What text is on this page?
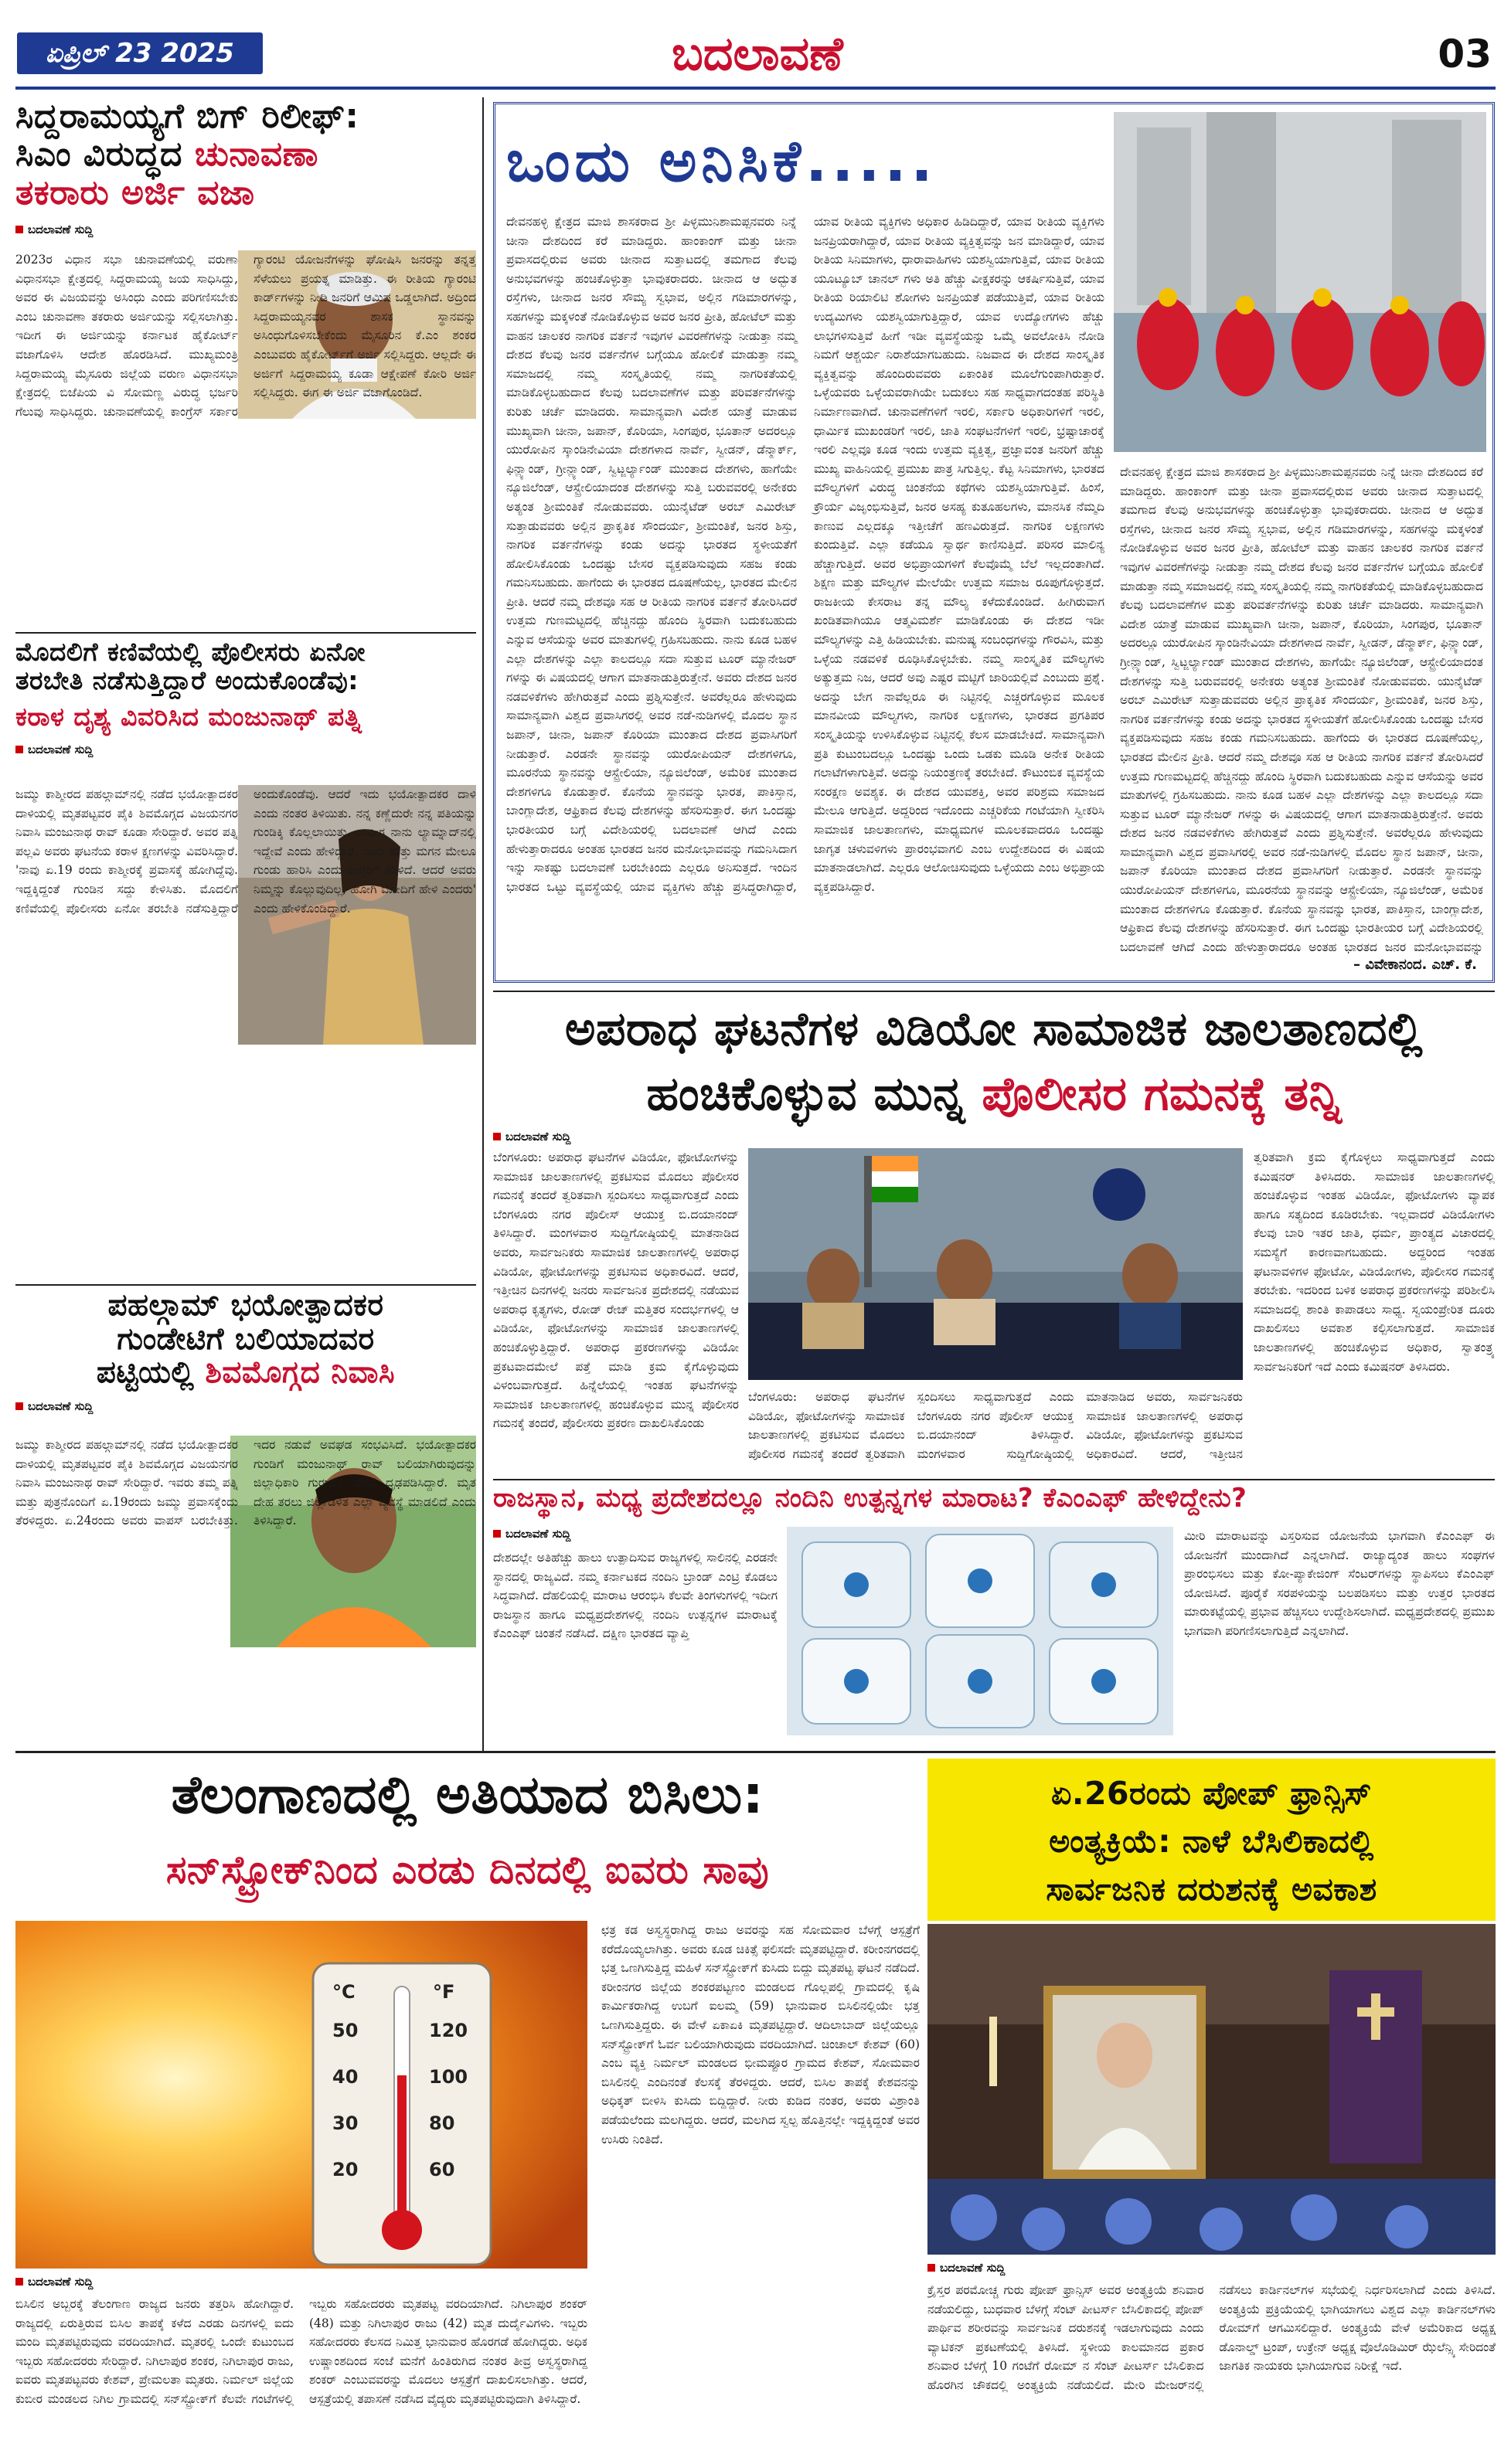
ಏಪ್ರಿಲ್ 23 2025	ಬದಲಾವಣೆ	03
ಸಿದ್ದರಾಮಯ್ಯಗೆ ಬಿಗ್ ರಿಲೀಫ್:
ಸಿಎಂ ವಿರುದ್ಧದ ಚುನಾವಣಾ
ತಕರಾರು ಅರ್ಜಿ ವಜಾ
ಬದಲಾವಣೆ ಸುದ್ದಿ
2023ರ ವಿಧಾನ ಸಭಾ ಚುನಾವಣೆಯಲ್ಲಿ ವರುಣಾ ವಿಧಾನಸಭಾ ಕ್ಷೇತ್ರದಲ್ಲಿ ಸಿದ್ದರಾಮಯ್ಯ ಜಯ ಸಾಧಿಸಿದ್ದು, ಅವರ ಈ ವಿಜಯವನ್ನು ಅಸಿಂಧು ಎಂದು ಪರಿಗಣಿಸಬೇಕು ಎಂಬ ಚುನಾವಣಾ ತಕರಾರು ಅರ್ಜಿಯನ್ನು ಸಲ್ಲಿಸಲಾಗಿತ್ತು. ಇದೀಗ ಈ ಅರ್ಜಿಯನ್ನು ಕರ್ನಾಟಕ ಹೈಕೋರ್ಟ್ ವಜಾಗೊಳಿಸಿ ಆದೇಶ ಹೊರಡಿಸಿದೆ. ಮುಖ್ಯಮಂತ್ರಿ ಸಿದ್ದರಾಮಯ್ಯ ಮೈಸೂರು ಜಿಲ್ಲೆಯ ವರುಣ ವಿಧಾನಸಭಾ ಕ್ಷೇತ್ರದಲ್ಲಿ ಬಿಜೆಪಿಯ ವಿ ಸೋಮಣ್ಣ ವಿರುದ್ಧ ಭರ್ಜರಿ ಗೆಲುವು ಸಾಧಿಸಿದ್ದರು. ಚುನಾವಣೆಯಲ್ಲಿ ಕಾಂಗ್ರೆಸ್ ಸರ್ಕಾರ ಗ್ಯಾರಂಟಿ ಯೋಜನೆಗಳನ್ನು ಘೋಷಿಸಿ ಜನರನ್ನು ತನ್ನತ್ತ ಸೆಳೆಯಲು ಪ್ರಯತ್ನ ಮಾಡಿತ್ತು. ಈ ರೀತಿಯ ಗ್ಯಾರಂಟಿ ಕಾರ್ಡ್‌ಗಳನ್ನು ನೀಡಿ ಜನರಿಗೆ ಆಮಿಷ ಒಡ್ಡಲಾಗಿದೆ. ಅದ್ರಿಂದ ಸಿದ್ದರಾಮಯ್ಯನವರ ಶಾಸಕ ಸ್ಥಾನವನ್ನು ಅಸಿಂಧುಗೊಳಿಸಬೇಕೆಂದು ಮೈಸೂರಿನ ಕೆ.ಎಂ ಶಂಕರ ಎಂಬುವರು ಹೈಕೋರ್ಟ್‌ಗೆ ಅರ್ಜಿ ಸಲ್ಲಿಸಿದ್ದರು. ಆಲ್ಲದೇ ಈ ಅರ್ಜಿಗೆ ಸಿದ್ದರಾಮಯ್ಯ ಕೂಡಾ ಆಕ್ಷೇಪಣೆ ಕೋರಿ ಅರ್ಜಿ ಸಲ್ಲಿಸಿದ್ದರು. ಈಗ ಈ ಅರ್ಜಿ ವಜಾಗೊಂಡಿದೆ.
ಮೊದಲಿಗೆ ಕಣಿವೆಯಲ್ಲಿ ಪೊಲೀಸರು ಏನೋ
ತರಬೇತಿ ನಡೆಸುತ್ತಿದ್ದಾರೆ ಅಂದುಕೊಂಡೆವು:
ಕರಾಳ ದೃಶ್ಯ ವಿವರಿಸಿದ ಮಂಜುನಾಥ್ ಪತ್ನಿ
ಬದಲಾವಣೆ ಸುದ್ದಿ
ಜಮ್ಮು ಕಾಶ್ಮೀರದ ಪಹಲ್ಗಾಮ್‌ನಲ್ಲಿ ನಡೆದ ಭಯೋತ್ಪಾದಕರ ದಾಳಿಯಲ್ಲಿ ಮೃತಪಟ್ಟವರ ಪೈಕಿ ಶಿವಮೊಗ್ಗದ ವಿಜಯನಗರ ನಿವಾಸಿ ಮಂಜುನಾಥ ರಾವ್ ಕೂಡಾ ಸೇರಿದ್ದಾರೆ. ಅವರ ಪತ್ನಿ ಪಲ್ಲವಿ ಅವರು ಘಟನೆಯ ಕರಾಳ ಕ್ಷಣಗಳನ್ನು ವಿವರಿಸಿದ್ದಾರೆ. 'ನಾವು ಏ.19 ರಂದು ಕಾಶ್ಮೀರಕ್ಕೆ ಪ್ರವಾಸಕ್ಕೆ ಹೋಗಿದ್ದೆವು. ಇದ್ದಕ್ಕಿದ್ದಂತೆ ಗುಂಡಿನ ಸದ್ದು ಕೇಳಿಸಿತು. ಮೊದಲಿಗೆ ಕಣಿವೆಯಲ್ಲಿ ಪೊಲೀಸರು ಏನೋ ತರಬೇತಿ ನಡೆಸುತ್ತಿದ್ದಾರೆ ಅಂದುಕೊಂಡೆವು. ಆದರೆ ಇದು ಭಯೋತ್ಪಾದಕರ ದಾಳಿ ಎಂದು ನಂತರ ತಿಳಿಯಿತು. ನನ್ನ ಕಣ್ಣೆದುರೇ ನನ್ನ ಪತಿಯನ್ನು ಗುಂಡಿಕ್ಕಿ ಕೊಲ್ಲಲಾಯಿತು. ನಾವೀಗ ನಾನು ಲ್ಯಾಮ್ನಾದ್‌ನಲ್ಲಿ ಇದ್ದೇವೆ ಎಂದು ಹೇಳಿದ್ದಾರೆ. ನಾನು ಮತ್ತು ಮಗನ ಮೇಲೂ ಗುಂಡು ಹಾರಿಸಿ ಎಂದು ಉಗ್ರರಿಗೆ ಹೇಳಿದೆ. ಆದರೆ ಅವರು ನಿಮ್ಮನ್ನು ಕೊಲ್ಲುವುದಿಲ್ಲ, ಹೋಗಿ ಮೋದಿಗೆ ಹೇಳಿ ಎಂದರು' ಎಂದು ಹೇಳಿಕೊಂಡಿದ್ದಾರೆ.
ಪಹಲ್ಗಾಮ್ ಭಯೋತ್ಪಾದಕರ
ಗುಂಡೇಟಿಗೆ ಬಲಿಯಾದವರ
ಪಟ್ಟಿಯಲ್ಲಿ ಶಿವಮೊಗ್ಗದ ನಿವಾಸಿ
ಬದಲಾವಣೆ ಸುದ್ದಿ
ಜಮ್ಮು ಕಾಶ್ಮೀರದ ಪಹಲ್ಗಾಮ್‌ನಲ್ಲಿ ನಡೆದ ಭಯೋತ್ಪಾದಕರ ದಾಳಿಯಲ್ಲಿ ಮೃತಪಟ್ಟವರ ಪೈಕಿ ಶಿವಮೊಗ್ಗದ ವಿಜಯನಗರ ನಿವಾಸಿ ಮಂಜುನಾಥ ರಾವ್ ಸೇರಿದ್ದಾರೆ. ಇವರು ತಮ್ಮ ಪತ್ನಿ ಮತ್ತು ಪುತ್ರನೊಂದಿಗೆ ಏ.19ರಂದು ಜಮ್ಮು ಪ್ರವಾಸಕ್ಕೆಂದು ತೆರಳಿದ್ದರು. ಏ.24ರಂದು ಅವರು ವಾಪಸ್ ಬರಬೇಕಿತ್ತು. ಇದರ ನಡುವೆ ಅವಘಡ ಸಂಭವಿಸಿದೆ. ಭಯೋತ್ಪಾದಕರ ಗುಂಡಿಗೆ ಮಂಜುನಾಥ್ ರಾವ್ ಬಲಿಯಾಗಿರುವುದನ್ನು ಜಿಲ್ಲಾಧಿಕಾರಿ ಗುರುದತ್ತ ಹೆಗಡೆ ದೃಢಪಡಿಸಿದ್ದಾರೆ. ಮೃತ ದೇಹ ತರಲು ಜಿಲ್ಲಾಡಳಿತ ಎಲ್ಲಾ ವ್ಯವಸ್ಥೆ ಮಾಡಲಿದೆ ಎಂದು ತಿಳಿಸಿದ್ದಾರೆ.
ಒಂದು ಅನಿಸಿಕೆ.....
ದೇವನಹಳ್ಳಿ ಕ್ಷೇತ್ರದ ಮಾಜಿ ಶಾಸಕರಾದ ಶ್ರೀ ಪಿಳ್ಳಮುನಿಶಾಮಪ್ಪನವರು ನಿನ್ನೆ ಚೀನಾ ದೇಶದಿಂದ ಕರೆ ಮಾಡಿದ್ದರು. ಹಾಂಕಾಂಗ್ ಮತ್ತು ಚೀನಾ ಪ್ರವಾಸದಲ್ಲಿರುವ ಅವರು ಚೀನಾದ ಸುತ್ತಾಟದಲ್ಲಿ ತಮಗಾದ ಕೆಲವು ಅನುಭವಗಳನ್ನು ಹಂಚಿಕೊಳ್ಳುತ್ತಾ ಭಾವುಕರಾದರು. ಚೀನಾದ ಆ ಅದ್ಭುತ ರಸ್ತೆಗಳು, ಚೀನಾದ ಜನರ ಸೌಮ್ಯ ಸ್ವಭಾವ, ಅಲ್ಲಿನ ಗಡಿಮಾರಗಳನ್ನು, ಸಹಗಳನ್ನು ಮಕ್ಕಳಂತೆ ನೋಡಿಕೊಳ್ಳುವ ಅವರ ಜನರ ಪ್ರೀತಿ, ಹೋಟೆಲ್ ಮತ್ತು ವಾಹನ ಚಾಲಕರ ನಾಗರಿಕ ವರ್ತನೆ ಇವುಗಳ ವಿವರಣೆಗಳನ್ನು ನೀಡುತ್ತಾ ನಮ್ಮ ದೇಶದ ಕೆಲವು ಜನರ ವರ್ತನೆಗಳ ಬಗ್ಗೆಯೂ ಹೋಲಿಕೆ ಮಾಡುತ್ತಾ ನಮ್ಮ ಸಮಾಜದಲ್ಲಿ ನಮ್ಮ ಸಂಸ್ಕೃತಿಯಲ್ಲಿ ನಮ್ಮ ನಾಗರಿಕತೆಯಲ್ಲಿ ಮಾಡಿಕೊಳ್ಳಬಹುದಾದ ಕೆಲವು ಬದಲಾವಣೆಗಳ ಮತ್ತು ಪರಿವರ್ತನೆಗಳನ್ನು ಕುರಿತು ಚರ್ಚೆ ಮಾಡಿದರು. ಸಾಮಾನ್ಯವಾಗಿ ವಿದೇಶ ಯಾತ್ರೆ ಮಾಡುವ ಮುಖ್ಯವಾಗಿ ಚೀನಾ, ಜಪಾನ್, ಕೊರಿಯಾ, ಸಿಂಗಪುರ, ಭೂತಾನ್ ಅದರಲ್ಲೂ ಯುರೋಪಿನ ಸ್ಕಾಂಡಿನೇವಿಯಾ ದೇಶಗಳಾದ ನಾರ್ವೆ, ಸ್ವೀಡನ್, ಡೆನ್ಮಾರ್ಕ್, ಫಿನ್ಲ್ಯಾಂಡ್, ಗ್ರೀನ್ಲ್ಯಾಂಡ್, ಸ್ವಿಟ್ಜರ್ಲ್ಯಾಂಡ್ ಮುಂತಾದ ದೇಶಗಳು, ಹಾಗೆಯೇ ನ್ಯೂಜಿಲೆಂಡ್, ಆಸ್ಟ್ರೇಲಿಯಾದಂತ ದೇಶಗಳನ್ನು ಸುತ್ತಿ ಬರುವವರಲ್ಲಿ ಅನೇಕರು ಅತ್ಯಂತ ಶ್ರೀಮಂತಿಕೆ ನೋಡುವವರು. ಯುನೈಟೆಡ್ ಅರಬ್ ಎಮಿರೇಟ್ ಸುತ್ತಾಡುವವರು ಅಲ್ಲಿನ ಪ್ರಾಕೃತಿಕ ಸೌಂದರ್ಯ, ಶ್ರೀಮಂತಿಕೆ, ಜನರ ಶಿಸ್ತು, ನಾಗರಿಕ ವರ್ತನೆಗಳನ್ನು ಕಂಡು ಅದನ್ನು ಭಾರತದ ಸ್ಥಳೀಯತೆಗೆ ಹೋಲಿಸಿಕೊಂಡು ಒಂದಷ್ಟು ಬೇಸರ ವ್ಯಕ್ತಪಡಿಸುವುದು ಸಹಜ ಕಂಡು ಗಮನಿಸಬಹುದು. ಹಾಗೆಂದು ಈ ಭಾರತದ ದೂಷಣೆಯಲ್ಲ, ಭಾರತದ ಮೇಲಿನ ಪ್ರೀತಿ. ಆದರೆ ನಮ್ಮ ದೇಶವೂ ಸಹ ಆ ರೀತಿಯ ನಾಗರಿಕ ವರ್ತನೆ ತೋರಿಸಿದರೆ ಉತ್ತಮ ಗುಣಮಟ್ಟದಲ್ಲಿ ಹೆಚ್ಚಿನದ್ದು ಹೊಂದಿ ಸ್ಥಿರವಾಗಿ ಬದುಕಬಹುದು ಎನ್ನುವ ಆಸೆಯನ್ನು ಅವರ ಮಾತುಗಳಲ್ಲಿ ಗ್ರಹಿಸಬಹುದು. ನಾನು ಕೂಡ ಬಹಳ ಎಲ್ಲಾ ದೇಶಗಳನ್ನು ಎಲ್ಲಾ ಕಾಲದಲ್ಲೂ ಸದಾ ಸುತ್ತುವ ಟೂರ್ ಮ್ಯಾನೇಜರ್ ಗಳನ್ನು ಈ ವಿಷಯದಲ್ಲಿ ಆಗಾಗ ಮಾತನಾಡುತ್ತಿರುತ್ತೇನೆ. ಅವರು ದೇಶದ ಜನರ ನಡವಳಿಕೆಗಳು ಹೇಗಿರುತ್ತವೆ ಎಂದು ಪ್ರಶ್ನಿಸುತ್ತೇನೆ. ಅವರೆಲ್ಲರೂ ಹೇಳುವುದು ಸಾಮಾನ್ಯವಾಗಿ ವಿಶ್ವದ ಪ್ರವಾಸಿಗರಲ್ಲಿ ಅವರ ನಡೆ-ನುಡಿಗಳಲ್ಲಿ ಮೊದಲ ಸ್ಥಾನ ಜಪಾನ್, ಚೀನಾ, ಜಪಾನ್ ಕೊರಿಯಾ ಮುಂತಾದ ದೇಶದ ಪ್ರವಾಸಿಗರಿಗೆ ನೀಡುತ್ತಾರೆ. ಎರಡನೇ ಸ್ಥಾನವನ್ನು ಯುರೋಪಿಯನ್ ದೇಶಗಳಿಗೂ, ಮೂರನೆಯ ಸ್ಥಾನವನ್ನು ಆಸ್ಟ್ರೇಲಿಯಾ, ನ್ಯೂಜಿಲೆಂಡ್, ಅಮೆರಿಕ ಮುಂತಾದ ದೇಶಗಳಿಗೂ ಕೊಡುತ್ತಾರೆ. ಕೊನೆಯ ಸ್ಥಾನವನ್ನು ಭಾರತ, ಪಾಕಿಸ್ತಾನ, ಬಾಂಗ್ಲಾದೇಶ, ಆಫ್ರಿಕಾದ ಕೆಲವು ದೇಶಗಳನ್ನು ಹೆಸರಿಸುತ್ತಾರೆ. ಈಗ ಒಂದಷ್ಟು ಭಾರತೀಯರ ಬಗ್ಗೆ ವಿದೇಶಿಯರಲ್ಲಿ ಬದಲಾವಣೆ ಆಗಿದೆ ಎಂದು ಹೇಳುತ್ತಾರಾದರೂ ಅಂತಹ ಭಾರತದ ಜನರ ಮನೋಭಾವವನ್ನು ಗಮನಿಸಿದಾಗ ಇನ್ನು ಸಾಕಷ್ಟು ಬದಲಾವಣೆ ಬರಬೇಕಿಂದು ಎಲ್ಲರೂ ಅನಿಸುತ್ತದೆ. ಇಂದಿನ ಭಾರತದ ಒಟ್ಟು ವ್ಯವಸ್ಥೆಯಲ್ಲಿ ಯಾವ ವ್ಯಕ್ತಿಗಳು ಹೆಚ್ಚು ಪ್ರಸಿದ್ಧರಾಗಿದ್ದಾರೆ, ಯಾವ ರೀತಿಯ ವ್ಯಕ್ತಿಗಳು ಅಧಿಕಾರ ಹಿಡಿದಿದ್ದಾರೆ, ಯಾವ ರೀತಿಯ ವ್ಯಕ್ತಿಗಳು ಜನಪ್ರಿಯರಾಗಿದ್ದಾರೆ, ಯಾವ ರೀತಿಯ ವ್ಯಕ್ತಿತ್ವವನ್ನು ಜನ ಮಾಡಿದ್ದಾರೆ, ಯಾವ ರೀತಿಯ ಸಿನಿಮಾಗಳು, ಧಾರಾವಾಹಿಗಳು ಯಶಸ್ವಿಯಾಗುತ್ತಿವೆ, ಯಾವ ರೀತಿಯ ಯೂಟ್ಯೂಬ್ ಚಾನಲ್ ಗಳು ಅತಿ ಹೆಚ್ಚು ವೀಕ್ಷಕರನ್ನು ಆಕರ್ಷಿಸುತ್ತಿವೆ, ಯಾವ ರೀತಿಯ ರಿಯಾಲಿಟಿ ಶೋಗಳು ಜನಪ್ರಿಯತೆ ಪಡೆಯುತ್ತಿವೆ, ಯಾವ ರೀತಿಯ ಉದ್ಯಮಿಗಳು ಯಶಸ್ವಿಯಾಗುತ್ತಿದ್ದಾರೆ, ಯಾವ ಉದ್ಯೋಗಗಳು ಹೆಚ್ಚು ಲಾಭಗಳಿಸುತ್ತಿವೆ ಹೀಗೆ ಇಡೀ ವ್ಯವಸ್ಥೆಯನ್ನು ಒಮ್ಮೆ ಅವಲೋಕಿಸಿ ನೋಡಿ ನಿಮಗೆ ಆಶ್ಚರ್ಯ ನಿರಾಶೆಯಾಗಬಹುದು. ನಿಜವಾದ ಈ ದೇಶದ ಸಾಂಸ್ಕೃತಿಕ ವ್ಯಕ್ತಿತ್ವವನ್ನು ಹೊಂದಿರುವವರು ಏಕಾಂತಿಕ ಮೂಲೆಗುಂಪಾಗಿರುತ್ತಾರೆ. ಒಳ್ಳೆಯವರು ಒಳ್ಳೆಯವರಾಗಿಯೇ ಬದುಕಲು ಸಹ ಸಾಧ್ಯವಾಗದಂತಹ ಪರಿಸ್ಥಿತಿ ನಿರ್ಮಾಣವಾಗಿದೆ. ಚುನಾವಣೆಗಳಿಗೆ ಇರಲಿ, ಸರ್ಕಾರಿ ಅಧಿಕಾರಿಗಳಿಗೆ ಇರಲಿ, ಧಾರ್ಮಿಕ ಮುಖಂಡರಿಗೆ ಇರಲಿ, ಜಾತಿ ಸಂಘಟನೆಗಳಿಗೆ ಇರಲಿ, ಭ್ರಷ್ಟಾಚಾರಕ್ಕೆ ಇರಲಿ ಎಲ್ಲವೂ ಕೂಡ ಇಂದು ಉತ್ತಮ ವ್ಯಕ್ತಿತ್ವ, ಪ್ರಜ್ಞಾವಂತ ಜನರಿಗೆ ಹೆಚ್ಚು ಮುಖ್ಯ ವಾಹಿನಿಯಲ್ಲಿ ಪ್ರಮುಖ ಪಾತ್ರ ಸಿಗುತ್ತಿಲ್ಲ. ಕೆಟ್ಟ ಸಿನಿಮಾಗಳು, ಭಾರತದ ಮೌಲ್ಯಗಳಿಗೆ ವಿರುದ್ಧ ಚಿಂತನೆಯ ಕಥೆಗಳು ಯಶಸ್ವಿಯಾಗುತ್ತಿವೆ. ಹಿಂಸೆ, ಕ್ರೌರ್ಯ ವಿಜೃಂಭಿಸುತ್ತಿವೆ, ಜನರ ಅಸಹ್ಯ ಕುತೂಹಲಗಳು, ಮಾನಸಿಕ ನೆಮ್ಮದಿ ಕಾಣುವ ಎಲ್ಲದಕ್ಕೂ ಇತ್ತೀಚೆಗೆ ಹಣವಿರುತ್ತದೆ. ನಾಗರಿಕ ಲಕ್ಷಣಗಳು ಕುಂದುತ್ತಿವೆ. ಎಲ್ಲಾ ಕಡೆಯೂ ಸ್ವಾರ್ಥ ಕಾಣಿಸುತ್ತಿದೆ. ಪರಿಸರ ಮಾಲಿನ್ಯ ಹೆಚ್ಚಾಗುತ್ತಿದೆ. ಅವರ ಅಭಿಪ್ರಾಯಗಳಿಗೆ ಕೆಲವೊಮ್ಮೆ ಬೆಲೆ ಇಲ್ಲದಂತಾಗಿದೆ. ಶಿಕ್ಷಣ ಮತ್ತು ಮೌಲ್ಯಗಳ ಮೇಲೆಯೇ ಉತ್ತಮ ಸಮಾಜ ರೂಪುಗೊಳ್ಳುತ್ತದೆ. ರಾಜಕೀಯ ಕೇಸರಾಟ ತನ್ನ ಮೌಲ್ಯ ಕಳೆದುಕೊಂಡಿದೆ. ಹೀಗಿರುವಾಗ ಖಂಡಿತವಾಗಿಯೂ ಆತ್ಮವಿಮರ್ಶೆ ಮಾಡಿಕೊಂಡು ಈ ದೇಶದ ಇಡೀ ಮೌಲ್ಯಗಳನ್ನು ಎತ್ತಿ ಹಿಡಿಯಬೇಕು. ಮನುಷ್ಯ ಸಂಬಂಧಗಳನ್ನು ಗೌರವಿಸಿ, ಮತ್ತು ಒಳ್ಳೆಯ ನಡವಳಿಕೆ ರೂಢಿಸಿಕೊಳ್ಳಬೇಕು. ನಮ್ಮ ಸಾಂಸ್ಕೃತಿಕ ಮೌಲ್ಯಗಳು ಅತ್ಯುತ್ತಮ ನಿಜ, ಆದರೆ ಅವು ಎಷ್ಟರ ಮಟ್ಟಿಗೆ ಜಾರಿಯಲ್ಲಿವೆ ಎಂಬುದು ಪ್ರಶ್ನೆ. ಅದನ್ನು ಬೇಗ ನಾವೆಲ್ಲರೂ ಈ ನಿಟ್ಟಿನಲ್ಲಿ ಎಚ್ಚರಗೊಳ್ಳುವ ಮೂಲಕ ಮಾನವೀಯ ಮೌಲ್ಯಗಳು, ನಾಗರಿಕ ಲಕ್ಷಣಗಳು, ಭಾರತದ ಪ್ರಗತಿಪರ ಸಂಸ್ಕೃತಿಯನ್ನು ಉಳಿಸಿಕೊಳ್ಳುವ ನಿಟ್ಟಿನಲ್ಲಿ ಕೆಲಸ ಮಾಡಬೇಕಿದೆ. ಸಾಮಾನ್ಯವಾಗಿ ಪ್ರತಿ ಕುಟುಂಬದಲ್ಲೂ ಒಂದಷ್ಟು ಒಂದು ಒಡಕು ಮೂಡಿ ಅನೇಕ ರೀತಿಯ ಗಲಾಟೆಗಳಾಗುತ್ತಿವೆ. ಅದನ್ನು ನಿಯಂತ್ರಣಕ್ಕೆ ತರಬೇಕಿದೆ. ಕೌಟುಂಬಿಕ ವ್ಯವಸ್ಥೆಯ ಸಂರಕ್ಷಣ ಅವಶ್ಯಕ. ಈ ದೇಶದ ಯುವಶಕ್ತಿ, ಅವರ ಪರಿಶ್ರಮ ಸಮಾಜದ ಮೇಲೂ ಆಗುತ್ತಿದೆ. ಅದ್ದರಿಂದ ಇದೊಂದು ಎಚ್ಚರಿಕೆಯ ಗಂಟೆಯಾಗಿ ಸ್ವೀಕರಿಸಿ ಸಾಮಾಜಿಕ ಜಾಲತಾಣಗಳು, ಮಾಧ್ಯಮಗಳ ಮೂಲಕವಾದರೂ ಒಂದಷ್ಟು ಜಾಗೃತ ಚಳುವಳಿಗಳು ಪ್ರಾರಂಭವಾಗಲಿ ಎಂಬ ಉದ್ದೇಶದಿಂದ ಈ ವಿಷಯ ಮಾತನಾಡಲಾಗಿದೆ. ಎಲ್ಲರೂ ಆಲೋಚಿಸುವುದು ಒಳ್ಳೆಯದು ಎಂಬ ಅಭಿಪ್ರಾಯ ವ್ಯಕ್ತಪಡಿಸಿದ್ದಾರೆ.
ದೇವನಹಳ್ಳಿ ಕ್ಷೇತ್ರದ ಮಾಜಿ ಶಾಸಕರಾದ ಶ್ರೀ ಪಿಳ್ಳಮುನಿಶಾಮಪ್ಪನವರು ನಿನ್ನೆ ಚೀನಾ ದೇಶದಿಂದ ಕರೆ ಮಾಡಿದ್ದರು. ಹಾಂಕಾಂಗ್ ಮತ್ತು ಚೀನಾ ಪ್ರವಾಸದಲ್ಲಿರುವ ಅವರು ಚೀನಾದ ಸುತ್ತಾಟದಲ್ಲಿ ತಮಗಾದ ಕೆಲವು ಅನುಭವಗಳನ್ನು ಹಂಚಿಕೊಳ್ಳುತ್ತಾ ಭಾವುಕರಾದರು. ಚೀನಾದ ಆ ಅದ್ಭುತ ರಸ್ತೆಗಳು, ಚೀನಾದ ಜನರ ಸೌಮ್ಯ ಸ್ವಭಾವ, ಅಲ್ಲಿನ ಗಡಿಮಾರಗಳನ್ನು, ಸಹಗಳನ್ನು ಮಕ್ಕಳಂತೆ ನೋಡಿಕೊಳ್ಳುವ ಅವರ ಜನರ ಪ್ರೀತಿ, ಹೋಟೆಲ್ ಮತ್ತು ವಾಹನ ಚಾಲಕರ ನಾಗರಿಕ ವರ್ತನೆ ಇವುಗಳ ವಿವರಣೆಗಳನ್ನು ನೀಡುತ್ತಾ ನಮ್ಮ ದೇಶದ ಕೆಲವು ಜನರ ವರ್ತನೆಗಳ ಬಗ್ಗೆಯೂ ಹೋಲಿಕೆ ಮಾಡುತ್ತಾ ನಮ್ಮ ಸಮಾಜದಲ್ಲಿ ನಮ್ಮ ಸಂಸ್ಕೃತಿಯಲ್ಲಿ ನಮ್ಮ ನಾಗರಿಕತೆಯಲ್ಲಿ ಮಾಡಿಕೊಳ್ಳಬಹುದಾದ ಕೆಲವು ಬದಲಾವಣೆಗಳ ಮತ್ತು ಪರಿವರ್ತನೆಗಳನ್ನು ಕುರಿತು ಚರ್ಚೆ ಮಾಡಿದರು. ಸಾಮಾನ್ಯವಾಗಿ ವಿದೇಶ ಯಾತ್ರೆ ಮಾಡುವ ಮುಖ್ಯವಾಗಿ ಚೀನಾ, ಜಪಾನ್, ಕೊರಿಯಾ, ಸಿಂಗಪುರ, ಭೂತಾನ್ ಅದರಲ್ಲೂ ಯುರೋಪಿನ ಸ್ಕಾಂಡಿನೇವಿಯಾ ದೇಶಗಳಾದ ನಾರ್ವೆ, ಸ್ವೀಡನ್, ಡೆನ್ಮಾರ್ಕ್, ಫಿನ್ಲ್ಯಾಂಡ್, ಗ್ರೀನ್ಲ್ಯಾಂಡ್, ಸ್ವಿಟ್ಜರ್ಲ್ಯಾಂಡ್ ಮುಂತಾದ ದೇಶಗಳು, ಹಾಗೆಯೇ ನ್ಯೂಜಿಲೆಂಡ್, ಆಸ್ಟ್ರೇಲಿಯಾದಂತ ದೇಶಗಳನ್ನು ಸುತ್ತಿ ಬರುವವರಲ್ಲಿ ಅನೇಕರು ಅತ್ಯಂತ ಶ್ರೀಮಂತಿಕೆ ನೋಡುವವರು. ಯುನೈಟೆಡ್ ಅರಬ್ ಎಮಿರೇಟ್ ಸುತ್ತಾಡುವವರು ಅಲ್ಲಿನ ಪ್ರಾಕೃತಿಕ ಸೌಂದರ್ಯ, ಶ್ರೀಮಂತಿಕೆ, ಜನರ ಶಿಸ್ತು, ನಾಗರಿಕ ವರ್ತನೆಗಳನ್ನು ಕಂಡು ಅದನ್ನು ಭಾರತದ ಸ್ಥಳೀಯತೆಗೆ ಹೋಲಿಸಿಕೊಂಡು ಒಂದಷ್ಟು ಬೇಸರ ವ್ಯಕ್ತಪಡಿಸುವುದು ಸಹಜ ಕಂಡು ಗಮನಿಸಬಹುದು. ಹಾಗೆಂದು ಈ ಭಾರತದ ದೂಷಣೆಯಲ್ಲ, ಭಾರತದ ಮೇಲಿನ ಪ್ರೀತಿ. ಆದರೆ ನಮ್ಮ ದೇಶವೂ ಸಹ ಆ ರೀತಿಯ ನಾಗರಿಕ ವರ್ತನೆ ತೋರಿಸಿದರೆ ಉತ್ತಮ ಗುಣಮಟ್ಟದಲ್ಲಿ ಹೆಚ್ಚಿನದ್ದು ಹೊಂದಿ ಸ್ಥಿರವಾಗಿ ಬದುಕಬಹುದು ಎನ್ನುವ ಆಸೆಯನ್ನು ಅವರ ಮಾತುಗಳಲ್ಲಿ ಗ್ರಹಿಸಬಹುದು. ನಾನು ಕೂಡ ಬಹಳ ಎಲ್ಲಾ ದೇಶಗಳನ್ನು ಎಲ್ಲಾ ಕಾಲದಲ್ಲೂ ಸದಾ ಸುತ್ತುವ ಟೂರ್ ಮ್ಯಾನೇಜರ್ ಗಳನ್ನು ಈ ವಿಷಯದಲ್ಲಿ ಆಗಾಗ ಮಾತನಾಡುತ್ತಿರುತ್ತೇನೆ. ಅವರು ದೇಶದ ಜನರ ನಡವಳಿಕೆಗಳು ಹೇಗಿರುತ್ತವೆ ಎಂದು ಪ್ರಶ್ನಿಸುತ್ತೇನೆ. ಅವರೆಲ್ಲರೂ ಹೇಳುವುದು ಸಾಮಾನ್ಯವಾಗಿ ವಿಶ್ವದ ಪ್ರವಾಸಿಗರಲ್ಲಿ ಅವರ ನಡೆ-ನುಡಿಗಳಲ್ಲಿ ಮೊದಲ ಸ್ಥಾನ ಜಪಾನ್, ಚೀನಾ, ಜಪಾನ್ ಕೊರಿಯಾ ಮುಂತಾದ ದೇಶದ ಪ್ರವಾಸಿಗರಿಗೆ ನೀಡುತ್ತಾರೆ. ಎರಡನೇ ಸ್ಥಾನವನ್ನು ಯುರೋಪಿಯನ್ ದೇಶಗಳಿಗೂ, ಮೂರನೆಯ ಸ್ಥಾನವನ್ನು ಆಸ್ಟ್ರೇಲಿಯಾ, ನ್ಯೂಜಿಲೆಂಡ್, ಅಮೆರಿಕ ಮುಂತಾದ ದೇಶಗಳಿಗೂ ಕೊಡುತ್ತಾರೆ. ಕೊನೆಯ ಸ್ಥಾನವನ್ನು ಭಾರತ, ಪಾಕಿಸ್ತಾನ, ಬಾಂಗ್ಲಾದೇಶ, ಆಫ್ರಿಕಾದ ಕೆಲವು ದೇಶಗಳನ್ನು ಹೆಸರಿಸುತ್ತಾರೆ. ಈಗ ಒಂದಷ್ಟು ಭಾರತೀಯರ ಬಗ್ಗೆ ವಿದೇಶಿಯರಲ್ಲಿ ಬದಲಾವಣೆ ಆಗಿದೆ ಎಂದು ಹೇಳುತ್ತಾರಾದರೂ ಅಂತಹ ಭಾರತದ ಜನರ ಮನೋಭಾವವನ್ನು
– ವಿವೇಕಾನಂದ. ಎಚ್. ಕೆ.
ಅಪರಾಧ ಘಟನೆಗಳ ವಿಡಿಯೋ ಸಾಮಾಜಿಕ ಜಾಲತಾಣದಲ್ಲಿ
ಹಂಚಿಕೊಳ್ಳುವ ಮುನ್ನ ಪೊಲೀಸರ ಗಮನಕ್ಕೆ ತನ್ನಿ
ಬದಲಾವಣೆ ಸುದ್ದಿ
ಬೆಂಗಳೂರು: ಅಪರಾಧ ಘಟನೆಗಳ ವಿಡಿಯೋ, ಫೋಟೋಗಳನ್ನು ಸಾಮಾಜಿಕ ಜಾಲತಾಣಗಳಲ್ಲಿ ಪ್ರಕಟಿಸುವ ಮೊದಲು ಪೊಲೀಸರ ಗಮನಕ್ಕೆ ತಂದರೆ ತ್ವರಿತವಾಗಿ ಸ್ಪಂದಿಸಲು ಸಾಧ್ಯವಾಗುತ್ತದೆ ಎಂದು ಬೆಂಗಳೂರು ನಗರ ಪೊಲೀಸ್ ಆಯುಕ್ತ ಬಿ.ದಯಾನಂದ್ ತಿಳಿಸಿದ್ದಾರೆ. ಮಂಗಳವಾರ ಸುದ್ದಿಗೋಷ್ಠಿಯಲ್ಲಿ ಮಾತನಾಡಿದ ಅವರು, ಸಾರ್ವಜನಿಕರು ಸಾಮಾಜಿಕ ಜಾಲತಾಣಗಳಲ್ಲಿ ಅಪರಾಧ ವಿಡಿಯೋ, ಫೋಟೋಗಳನ್ನು ಪ್ರಕಟಿಸುವ ಅಧಿಕಾರವಿದೆ. ಆದರೆ, ಇತ್ತೀಚಿನ ದಿನಗಳಲ್ಲಿ ಜನರು ಸಾರ್ವಜನಿಕ ಪ್ರದೇಶದಲ್ಲಿ ನಡೆಯುವ ಅಪರಾಧ ಕೃತ್ಯಗಳು, ರೋಡ್ ರೇಜ್ ಮತ್ತಿತರ ಸಂದರ್ಭಗಳಲ್ಲಿ ಆ ವಿಡಿಯೋ, ಫೋಟೋಗಳನ್ನು ಸಾಮಾಜಿಕ ಜಾಲತಾಣಗಳಲ್ಲಿ ಹಂಚಿಕೊಳ್ಳುತ್ತಿದ್ದಾರೆ. ಅಪರಾಧ ಪ್ರಕರಣಗಳನ್ನು ವಿಡಿಯೋ ಪ್ರಕಟವಾದಮೇಲೆ ಪತ್ತೆ ಮಾಡಿ ಕ್ರಮ ಕೈಗೊಳ್ಳುವುದು ವಿಳಂಬವಾಗುತ್ತದೆ. ಹಿನ್ನೆಲೆಯಲ್ಲಿ ಇಂತಹ ಘಟನೆಗಳನ್ನು ಸಾಮಾಜಿಕ ಜಾಲತಾಣಗಳಲ್ಲಿ ಹಂಚಿಕೊಳ್ಳುವ ಮುನ್ನ ಪೊಲೀಸರ ಗಮನಕ್ಕೆ ತಂದರೆ, ಪೊಲೀಸರು ಪ್ರಕರಣ ದಾಖಲಿಸಿಕೊಂಡು
ಬೆಂಗಳೂರು: ಅಪರಾಧ ಘಟನೆಗಳ ವಿಡಿಯೋ, ಫೋಟೋಗಳನ್ನು ಸಾಮಾಜಿಕ ಜಾಲತಾಣಗಳಲ್ಲಿ ಪ್ರಕಟಿಸುವ ಮೊದಲು ಪೊಲೀಸರ ಗಮನಕ್ಕೆ ತಂದರೆ ತ್ವರಿತವಾಗಿ ಸ್ಪಂದಿಸಲು ಸಾಧ್ಯವಾಗುತ್ತದೆ ಎಂದು ಬೆಂಗಳೂರು ನಗರ ಪೊಲೀಸ್ ಆಯುಕ್ತ ಬಿ.ದಯಾನಂದ್ ತಿಳಿಸಿದ್ದಾರೆ. ಮಂಗಳವಾರ ಸುದ್ದಿಗೋಷ್ಠಿಯಲ್ಲಿ ಮಾತನಾಡಿದ ಅವರು, ಸಾರ್ವಜನಿಕರು ಸಾಮಾಜಿಕ ಜಾಲತಾಣಗಳಲ್ಲಿ ಅಪರಾಧ ವಿಡಿಯೋ, ಫೋಟೋಗಳನ್ನು ಪ್ರಕಟಿಸುವ ಅಧಿಕಾರವಿದೆ. ಆದರೆ, ಇತ್ತೀಚಿನ
ತ್ವರಿತವಾಗಿ ಕ್ರಮ ಕೈಗೊಳ್ಳಲು ಸಾಧ್ಯವಾಗುತ್ತದೆ ಎಂದು ಕಮಿಷನರ್ ತಿಳಿಸಿದರು. ಸಾಮಾಜಿಕ ಜಾಲತಾಣಗಳಲ್ಲಿ ಹಂಚಿಕೊಳ್ಳುವ ಇಂತಹ ವಿಡಿಯೋ, ಫೋಟೋಗಳು ವ್ಯಾಪಕ ಹಾಗೂ ಸತ್ಯದಿಂದ ಕೂಡಿರಬೇಕು. ಇಲ್ಲವಾದರೆ ವಿಡಿಯೋಗಳು ಕೆಲವು ಬಾರಿ ಇತರ ಜಾತಿ, ಧರ್ಮ, ಪ್ರಾಂತ್ಯದ ವಿಚಾರದಲ್ಲಿ ಸಮಸ್ಯೆಗೆ ಕಾರಣವಾಗಬಹುದು. ಅದ್ದರಿಂದ ಇಂತಹ ಘಟನಾವಳಿಗಳ ಫೋಟೋ, ವಿಡಿಯೋಗಳು, ಪೊಲೀಸರ ಗಮನಕ್ಕೆ ತರಬೇಕು. ಇದರಿಂದ ಬಳಿಕ ಅಪರಾಧ ಪ್ರಕರಣಗಳನ್ನು ಪರಿಶೀಲಿಸಿ ಸಮಾಜದಲ್ಲಿ ಶಾಂತಿ ಕಾಪಾಡಲು ಸಾಧ್ಯ. ಸ್ವಯಂಪ್ರೇರಿತ ದೂರು ದಾಖಲಿಸಲು ಅವಕಾಶ ಕಲ್ಪಿಸಲಾಗುತ್ತದೆ. ಸಾಮಾಜಿಕ ಜಾಲತಾಣಗಳಲ್ಲಿ ಹಂಚಿಕೊಳ್ಳುವ ಅಧಿಕಾರ, ಸ್ವಾತಂತ್ರ್ಯ ಸಾರ್ವಜನಿಕರಿಗೆ ಇದೆ ಎಂದು ಕಮಿಷನರ್ ತಿಳಿಸಿದರು.
ರಾಜಸ್ಥಾನ, ಮಧ್ಯ ಪ್ರದೇಶದಲ್ಲೂ ನಂದಿನಿ ಉತ್ಪನ್ನಗಳ ಮಾರಾಟ? ಕೆಎಂಎಫ್ ಹೇಳಿದ್ದೇನು?
ಬದಲಾವಣೆ ಸುದ್ದಿ
ದೇಶದಲ್ಲೇ ಅತಿಹೆಚ್ಚು ಹಾಲು ಉತ್ಪಾದಿಸುವ ರಾಜ್ಯಗಳಲ್ಲಿ ಸಾಲಿನಲ್ಲಿ ಎರಡನೇ ಸ್ಥಾನದಲ್ಲಿ ರಾಜ್ಯವಿದೆ. ನಮ್ಮ ಕರ್ನಾಟಕದ ನಂದಿನಿ ಬ್ರಾಂಡ್ ಎಂಟ್ರಿ ಕೊಡಲು ಸಿದ್ಧವಾಗಿದೆ. ದೆಹಲಿಯಲ್ಲಿ ಮಾರಾಟ ಆರಂಭಿಸಿ ಕೆಲವೇ ತಿಂಗಳುಗಳಲ್ಲಿ ಇದೀಗ ರಾಜಸ್ಥಾನ ಹಾಗೂ ಮಧ್ಯಪ್ರದೇಶಗಳಲ್ಲಿ ನಂದಿನಿ ಉತ್ಪನ್ನಗಳ ಮಾರಾಟಕ್ಕೆ ಕೆಎಂಎಫ್ ಚಿಂತನೆ ನಡೆಸಿದೆ. ದಕ್ಷಿಣ ಭಾರತದ ವ್ಯಾಪ್ತಿ
ಮೀರಿ ಮಾರಾಟವನ್ನು ವಿಸ್ತರಿಸುವ ಯೋಜನೆಯ ಭಾಗವಾಗಿ ಕೆಎಂಎಫ್ ಈ ಯೋಜನೆಗೆ ಮುಂದಾಗಿದೆ ಎನ್ನಲಾಗಿದೆ. ರಾಜ್ಯಾದ್ಯಂತ ಹಾಲು ಸಂಘಗಳ ಪ್ರಾರಂಭಿಸಲು ಮತ್ತು ಕೋ-ಪ್ಯಾಕೇಜಿಂಗ್ ಸೆಂಟರ್‌ಗಳನ್ನು ಸ್ಥಾಪಿಸಲು ಕೆಎಂಎಫ್ ಯೋಜಿಸಿದೆ. ಪೂರೈಕೆ ಸರಪಳಿಯನ್ನು ಬಲಪಡಿಸಲು ಮತ್ತು ಉತ್ತರ ಭಾರತದ ಮಾರುಕಟ್ಟೆಯಲ್ಲಿ ಪ್ರಭಾವ ಹೆಚ್ಚಿಸಲು ಉದ್ದೇಶಿಸಲಾಗಿದೆ. ಮಧ್ಯಪ್ರದೇಶದಲ್ಲಿ ಪ್ರಮುಖ ಭಾಗವಾಗಿ ಪರಿಗಣಿಸಲಾಗುತ್ತಿದೆ ಎನ್ನಲಾಗಿದೆ.
ತೆಲಂಗಾಣದಲ್ಲಿ ಅತಿಯಾದ ಬಿಸಿಲು:
ಸನ್‌ಸ್ಟ್ರೋಕ್‌ನಿಂದ ಎರಡು ದಿನದಲ್ಲಿ ಐವರು ಸಾವು
°C	°F
50
40
30
20
120
100
80
60
ಛತ್ರ ಕಡ ಅಸ್ವಸ್ಥರಾಗಿದ್ದ ರಾಜು ಅವರನ್ನು ಸಹ ಸೋಮವಾರ ಬೆಳಗ್ಗೆ ಆಸ್ಪತ್ರೆಗೆ ಕರೆದೊಯ್ಯಲಾಗಿತ್ತು. ಅವರು ಕೂಡ ಚಿಕಿತ್ಸೆ ಫಲಿಸದೇ ಮೃತಪಟ್ಟಿದ್ದಾರೆ. ಕರೀಂನಗರದಲ್ಲಿ ಭತ್ತ ಒಣಗಿಸುತ್ತಿದ್ದ ಮಹಿಳೆ ಸನ್‌ಸ್ಟ್ರೋಕ್‌ಗೆ ಕುಸಿದು ಬಿದ್ದು ಮೃತಪಟ್ಟ ಘಟನೆ ನಡೆದಿದೆ. ಕರೀಂನಗರ ಜಿಲ್ಲೆಯ ಶಂಕರಪಟ್ಟಣಂ ಮಂಡಲದ ಗೊಲ್ಲಪಲ್ಲಿ ಗ್ರಾಮದಲ್ಲಿ ಕೃಷಿ ಕಾರ್ಮಿಕರಾಗಿದ್ದ ಉಬಗೆ ಐಲಮ್ಮ (59) ಭಾನುವಾರ ಬಿಸಿಲಿನಲ್ಲಿಯೇ ಭತ್ತ ಒಣಗಿಸುತ್ತಿದ್ದರು. ಈ ವೇಳೆ ಏಕಾಏಕಿ ಮೃತಪಟ್ಟಿದ್ದಾರೆ. ಆದಿಲಾಬಾದ್ ಜಿಲ್ಲೆಯಲ್ಲೂ ಸನ್‌ಸ್ಟ್ರೋಕ್‌ಗೆ ಓರ್ವ ಬಲಿಯಾಗಿರುವುದು ವರದಿಯಾಗಿದೆ. ಚಿಂಚಾಲ್ ಕೇಶವ್ (60) ಎಂಬ ವ್ಯಕ್ತಿ ನಿರ್ಮಲ್ ಮಂಡಲದ ಭೀಮಪ್ಪೂರ ಗ್ರಾಮದ ಕೇಶವ್, ಸೋಮವಾರ ಬಿಸಿಲಿನಲ್ಲಿ ಎಂದಿನಂತೆ ಕೆಲಸಕ್ಕೆ ತೆರಳಿದ್ದರು. ಆದರೆ, ಬಿಸಿಲ ತಾಪಕ್ಕೆ ಕೇಶವನನ್ನು ಅಧಿಕ್ಕತ್ ಬೀಳಿಸಿ ಕುಸಿದು ಬಿದ್ದಿದ್ದಾರೆ. ನೀರು ಕುಡಿದ ನಂತರ, ಅವರು ವಿಶ್ರಾಂತಿ ಪಡೆಯಲೆಂದು ಮಲಗಿದ್ದರು. ಆದರೆ, ಮಲಗಿದ ಸ್ವಲ್ಪ ಹೊತ್ತಿನಲ್ಲೇ ಇದ್ದಕ್ಕಿದ್ದಂತೆ ಅವರ ಉಸಿರು ನಿಂತಿದೆ.
ಬದಲಾವಣೆ ಸುದ್ದಿ
ಬಿಸಿಲಿನ ಅಬ್ಬರಕ್ಕೆ ತೆಲಂಗಾಣ ರಾಜ್ಯದ ಜನರು ತತ್ತರಿಸಿ ಹೋಗಿದ್ದಾರೆ. ರಾಜ್ಯದಲ್ಲಿ ಏರುತ್ತಿರುವ ಬಿಸಿಲ ತಾಪಕ್ಕೆ ಕಳೆದ ಎರಡು ದಿನಗಳಲ್ಲಿ ಐದು ಮಂದಿ ಮೃತಪಟ್ಟಿರುವುದು ವರದಿಯಾಗಿದೆ. ಮೃತರಲ್ಲಿ ಒಂದೇ ಕುಟುಂಬದ ಇಬ್ಬರು ಸಹೋದರರು ಸೇರಿದ್ದಾರೆ. ನಿಗಿಲಾಪುರ ಶಂಕರ, ನಿಗಿಲಾಪುರ ರಾಜು, ಐವರು ಮೃತಪಟ್ಟವರು ಕೇಶವ್, ಪ್ರೇಮಲತಾ ಮೃತರು. ನಿರ್ಮಲ್ ಜಿಲ್ಲೆಯ ಕುಬೀರ ಮಂಡಲದ ನಿಗಿಲ ಗ್ರಾಮದಲ್ಲಿ ಸನ್‌ಸ್ಟ್ರೋಕ್‌ಗೆ ಕೆಲವೇ ಗಂಟೆಗಳಲ್ಲಿ ಇಬ್ಬರು ಸಹೋದರರು ಮೃತಪಟ್ಟ ವರದಿಯಾಗಿದೆ. ನಿಗಿಲಾಪುರ ಶಂಕರ್ (48) ಮತ್ತು ನಿಗಿಲಾಪುರ ರಾಜು (42) ಮೃತ ದುರ್ದೈವಿಗಳು. ಇಬ್ಬರು ಸಹೋದರರು ಕೆಲಸದ ನಿಮಿತ್ತ ಭಾನುವಾರ ಹೊರಗಡೆ ಹೋಗಿದ್ದರು. ಅಧಿಕ ಉಷ್ಣಾಂಶದಿಂದ ಸಂಜೆ ಮನೆಗೆ ಹಿಂತಿರುಗಿದ ನಂತರ ತೀವ್ರ ಅಸ್ವಸ್ಥರಾಗಿದ್ದ ಶಂಕರ್ ಎಂಬುವವರನ್ನು ಮೊದಲು ಆಸ್ಪತ್ರೆಗೆ ದಾಖಲಿಸಲಾಗಿತ್ತು. ಆದರೆ, ಆಸ್ಪತ್ರೆಯಲ್ಲಿ ತಪಾಸಣೆ ನಡೆಸಿದ ವೈದ್ಯರು ಮೃತಪಟ್ಟಿರುವುದಾಗಿ ತಿಳಿಸಿದ್ದಾರೆ.
ಏ.26ರಂದು ಪೋಪ್ ಫ್ರಾನ್ಸಿಸ್
ಅಂತ್ಯಕ್ರಿಯೆ: ನಾಳೆ ಬೆಸಿಲಿಕಾದಲ್ಲಿ
ಸಾರ್ವಜನಿಕ ದರುಶನಕ್ಕೆ ಅವಕಾಶ
ಬದಲಾವಣೆ ಸುದ್ದಿ
ಕ್ರೈಸ್ತರ ಪರಮೋಚ್ಚ ಗುರು ಪೋಪ್ ಫ್ರಾನ್ಸಿಸ್ ಅವರ ಅಂತ್ಯಕ್ರಿಯೆ ಶನಿವಾರ ನಡೆಯಲಿದ್ದು, ಬುಧವಾರ ಬೆಳಗ್ಗೆ ಸೆಂಟ್ ಪೀಟರ್ಸ್ ಬೆಸಿಲಿಕಾದಲ್ಲಿ ಪೋಪ್ ಪಾರ್ಥಿವ ಶರೀರವನ್ನು ಸಾರ್ವಜನಿಕ ದರುಶನಕ್ಕೆ ಇಡಲಾಗುವುದು ಎಂದು ವ್ಯಾಟಿಕನ್ ಪ್ರಕಟಣೆಯಲ್ಲಿ ತಿಳಿಸಿದೆ. ಸ್ಥಳೀಯ ಕಾಲಮಾನದ ಪ್ರಕಾರ ಶನಿವಾರ ಬೆಳಗ್ಗೆ 10 ಗಂಟೆಗೆ ರೋಮ್ ನ ಸೆಂಟ್ ಪೀಟರ್ಸ್ ಬೆಸಿಲಿಕಾದ ಹೊರಗಿನ ಚೌಕದಲ್ಲಿ ಅಂತ್ಯಕ್ರಿಯೆ ನಡೆಯಲಿದೆ. ಮೇರಿ ಮೇಜರ್‌ನಲ್ಲಿ ನಡೆಸಲು ಕಾರ್ಡಿನಲ್‌ಗಳ ಸಭೆಯಲ್ಲಿ ನಿರ್ಧರಿಸಲಾಗಿದೆ ಎಂದು ತಿಳಿಸಿದೆ. ಅಂತ್ಯಕ್ರಿಯೆ ಪ್ರಕ್ರಿಯೆಯಲ್ಲಿ ಭಾಗಿಯಾಗಲು ವಿಶ್ವದ ಎಲ್ಲಾ ಕಾರ್ಡಿನಲ್‌ಗಳು ರೋಮ್‌ಗೆ ಆಗಮಿಸಲಿದ್ದಾರೆ. ಅಂತ್ಯಕ್ರಿಯೆ ವೇಳೆ ಅಮೆರಿಕಾದ ಅಧ್ಯಕ್ಷ ಡೊನಾಲ್ಡ್ ಟ್ರಂಪ್, ಉಕ್ರೇನ್ ಅಧ್ಯಕ್ಷ ವೊಲೊಡಿಮಿರ್ ಝೆಲೆನ್ಸ್ಕಿ ಸೇರಿದಂತೆ ಜಾಗತಿಕ ನಾಯಕರು ಭಾಗಿಯಾಗುವ ನಿರೀಕ್ಷೆ ಇದೆ.
